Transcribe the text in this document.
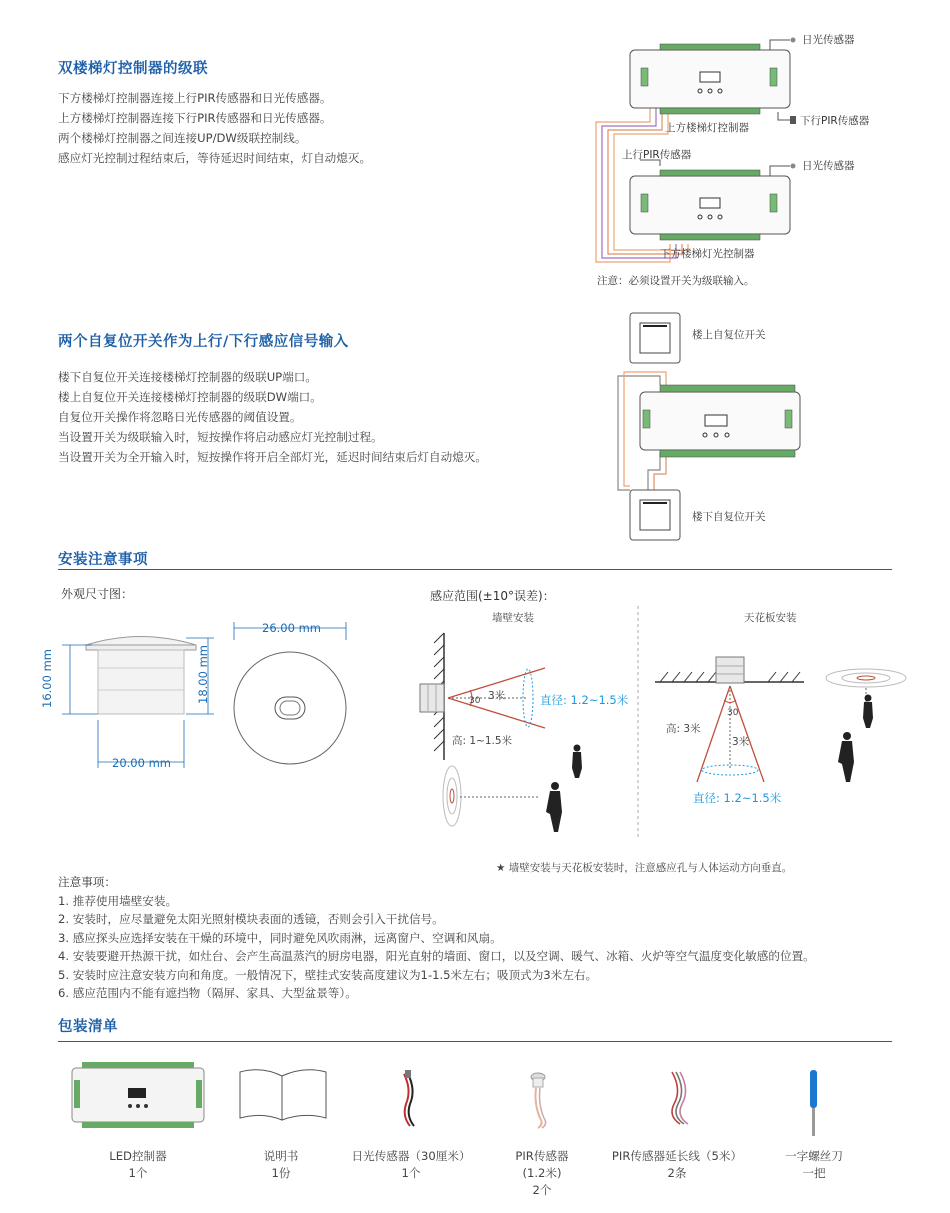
双楼梯灯控制器的级联
下方楼梯灯控制器连接上行PIR传感器和日光传感器。
上方楼梯灯控制器连接下行PIR传感器和日光传感器。
两个楼梯灯控制器之间连接UP/DW级联控制线。
感应灯光控制过程结束后，等待延迟时间结束，灯自动熄灭。
日光传感器
上方楼梯灯控制器
下行PIR传感器
上行PIR传感器
日光传感器
下方楼梯灯光控制器
注意：必须设置开关为级联输入。
两个自复位开关作为上行/下行感应信号输入
楼下自复位开关连接楼梯灯控制器的级联UP端口。
楼上自复位开关连接楼梯灯控制器的级联DW端口。
自复位开关操作将忽略日光传感器的阈值设置。
当设置开关为级联输入时，短按操作将启动感应灯光控制过程。
当设置开关为全开输入时，短按操作将开启全部灯光，延迟时间结束后灯自动熄灭。
楼上自复位开关
楼下自复位开关
安装注意事项
外观尺寸图：	感应范围(±10°误差)：
16.00 mm	18.00 mm
20.00 mm
26.00 mm
墙壁安装
3米
30	直径: 1.2~1.5米
高: 1~1.5米
天花板安装
高: 3米
30
3米
直径: 1.2~1.5米
★ 墙壁安装与天花板安装时，注意感应孔与人体运动方向垂直。
注意事项：
1. 推荐使用墙壁安装。
2. 安装时，应尽量避免太阳光照射模块表面的透镜，否则会引入干扰信号。
3. 感应探头应选择安装在干燥的环境中，同时避免风吹雨淋，远离窗户、空调和风扇。
4. 安装要避开热源干扰，如灶台、会产生高温蒸汽的厨房电器，阳光直射的墙面、窗口，以及空调、暖气、冰箱、火炉等空气温度变化敏感的位置。
5. 安装时应注意安装方向和角度。一般情况下，壁挂式安装高度建议为1-1.5米左右；吸顶式为3米左右。
6. 感应范围内不能有遮挡物（隔屏、家具、大型盆景等）。
包装清单
LED控制器
1个
说明书
1份
日光传感器（30厘米）
1个
PIR传感器
(1.2米)
2个
PIR传感器延长线（5米）
2条
一字螺丝刀
一把
